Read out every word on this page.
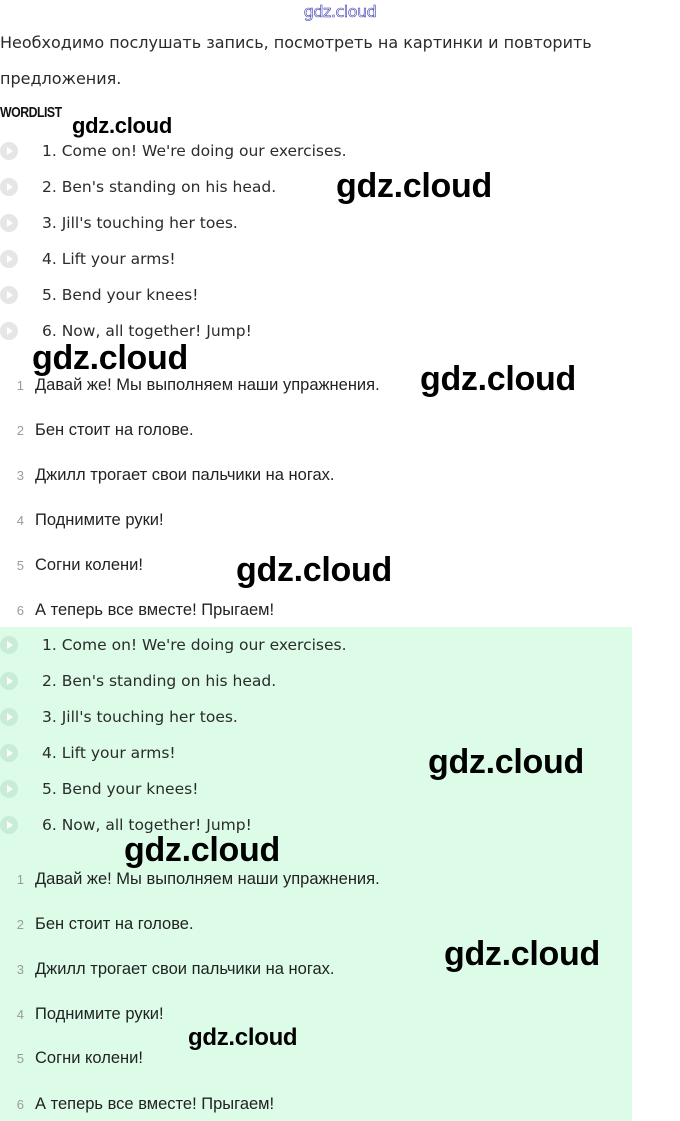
gdz.cloud
Необходимо послушать запись, посмотреть на картинки и повторить предложения.
WORDLIST
1. Come on! We're doing our exercises.
2. Ben's standing on his head.
3. Jill's touching her toes.
4. Lift your arms!
5. Bend your knees!
6. Now, all together! Jump!
1 Давай же! Мы выполняем наши упражнения.
2 Бен стоит на голове.
3 Джилл трогает свои пальчики на ногах.
4 Поднимите руки!
5 Согни колени!
6 А теперь все вместе! Прыгаем!
1. Come on! We're doing our exercises.
2. Ben's standing on his head.
3. Jill's touching her toes.
4. Lift your arms!
5. Bend your knees!
6. Now, all together! Jump!
1 Давай же! Мы выполняем наши упражнения.
2 Бен стоит на голове.
3 Джилл трогает свои пальчики на ногах.
4 Поднимите руки!
5 Согни колени!
6 А теперь все вместе! Прыгаем!
gdz.cloud
gdz.cloud
gdz.cloud
gdz.cloud
gdz.cloud
gdz.cloud
gdz.cloud
gdz.cloud
gdz.cloud
